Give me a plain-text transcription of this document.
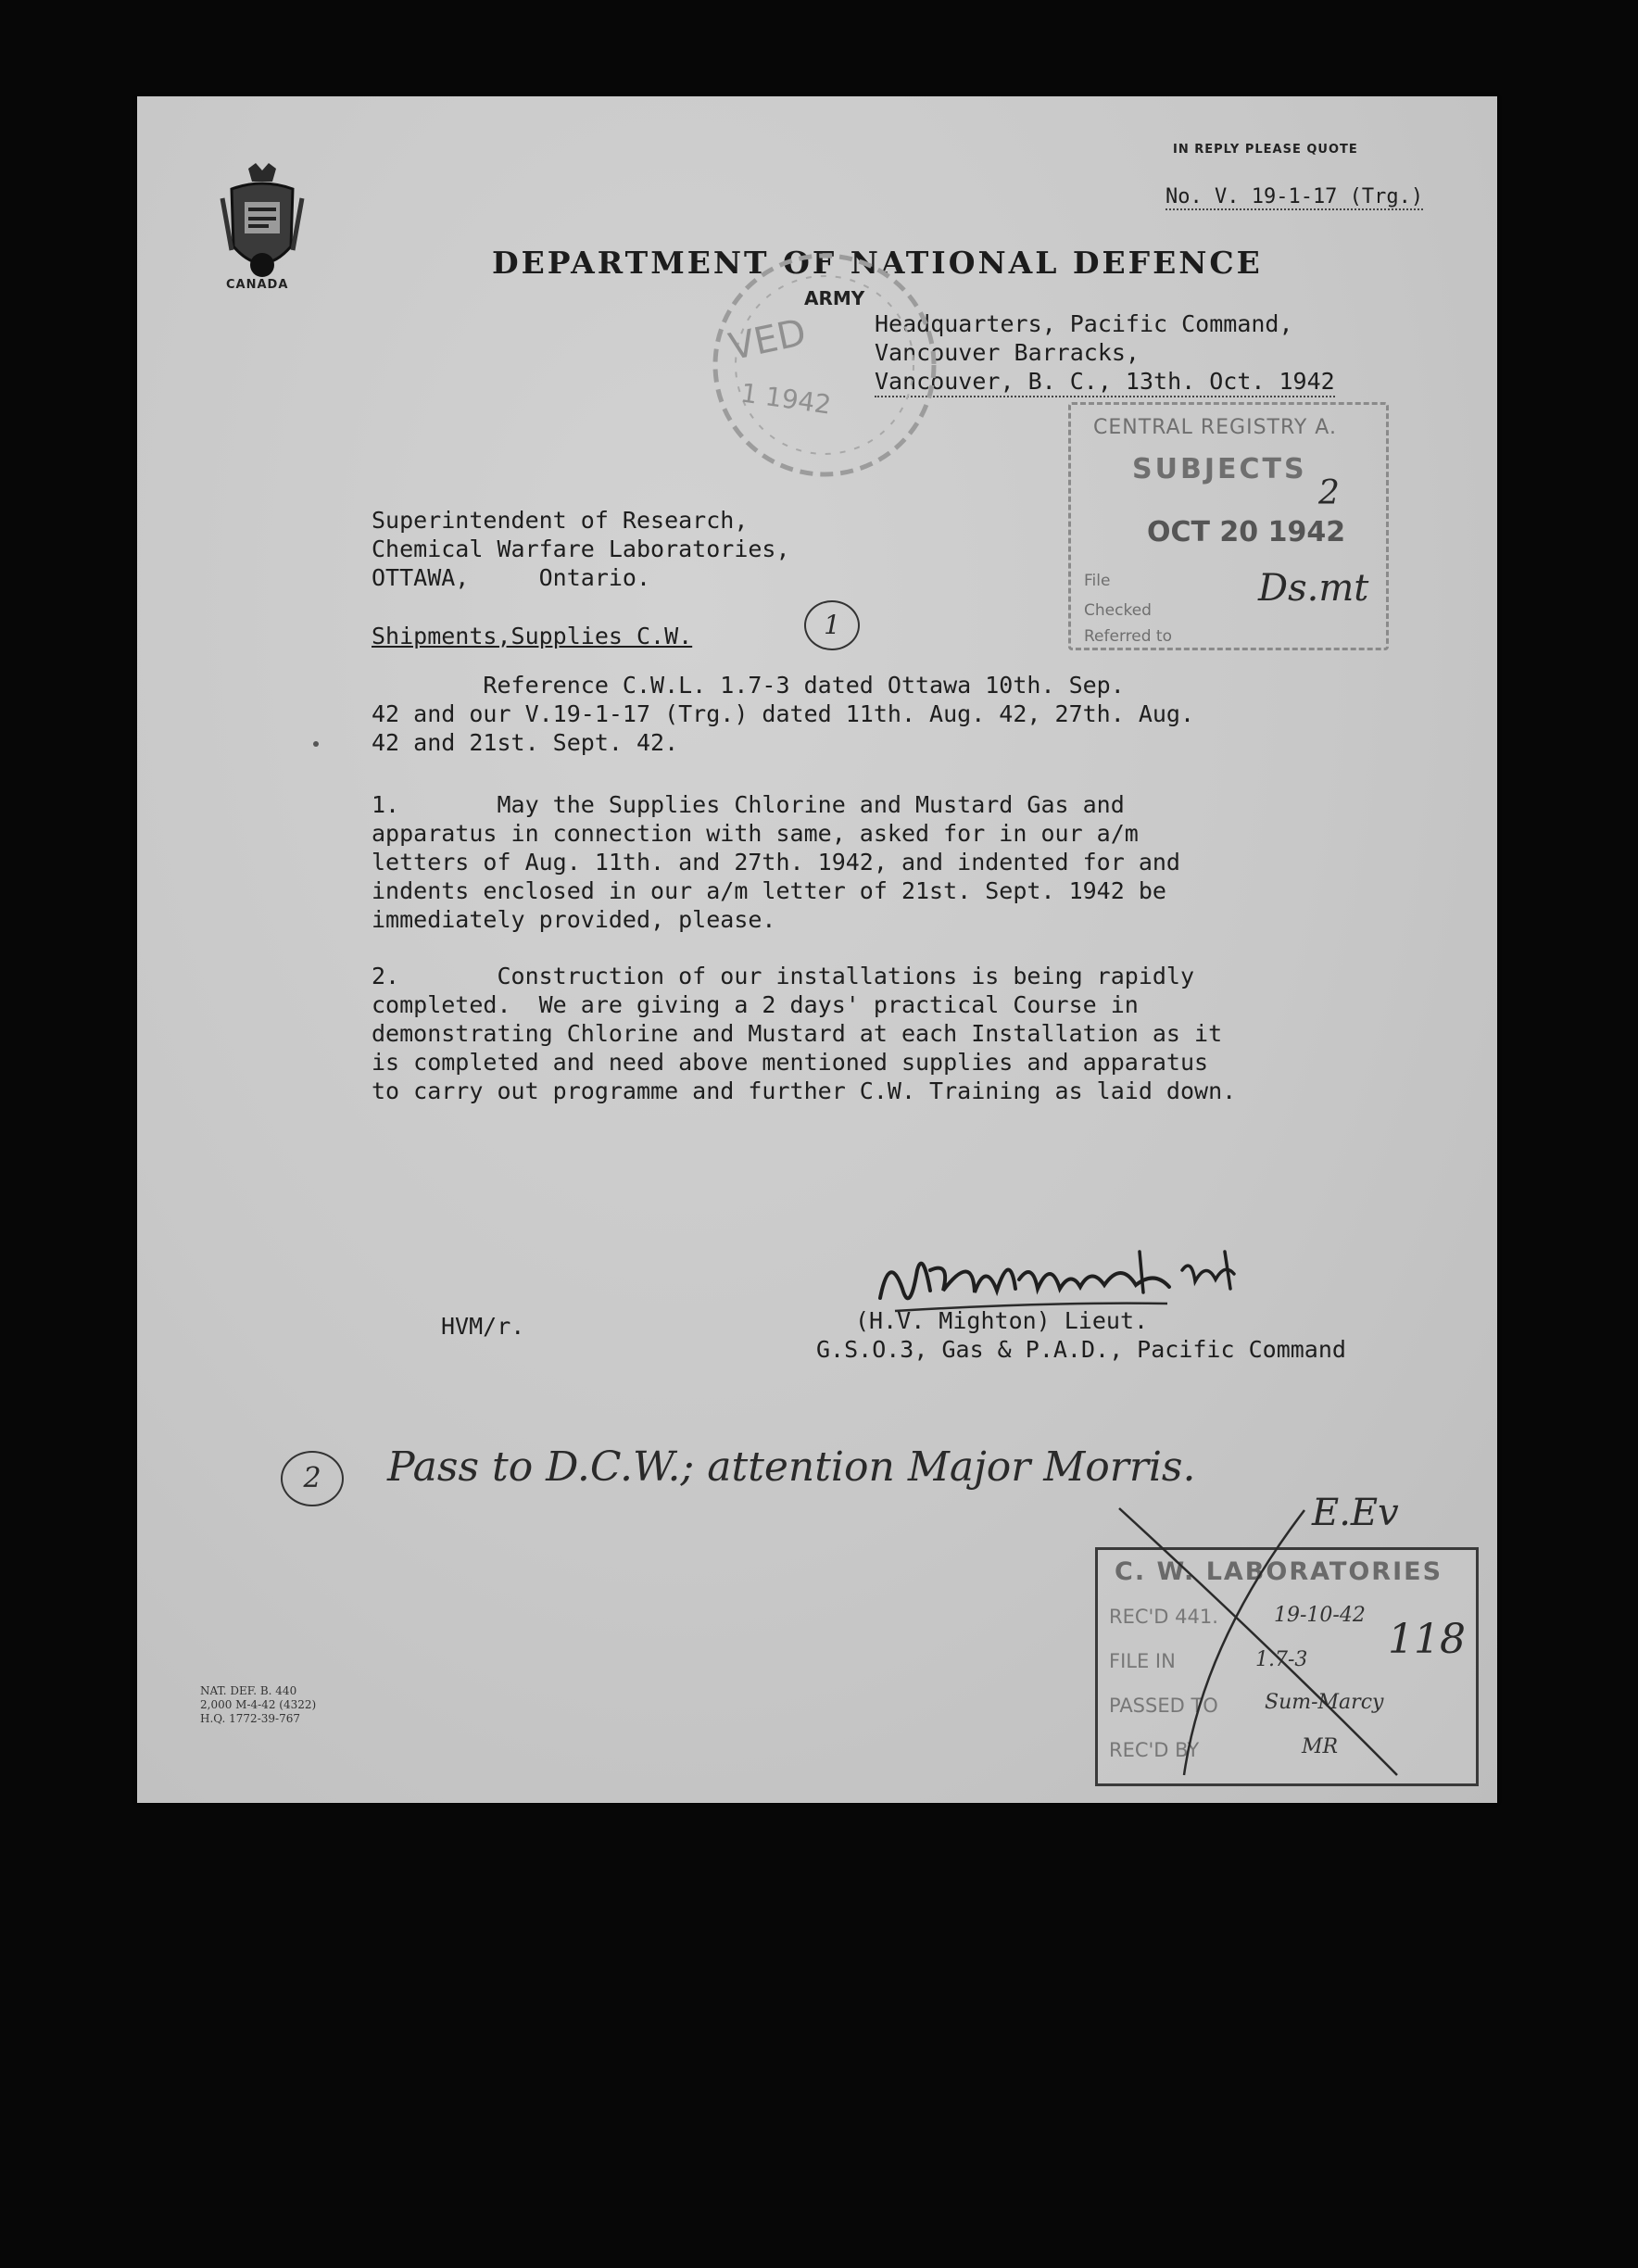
CANADA
IN REPLY PLEASE QUOTE
No. V. 19-1-17 (Trg.)
DEPARTMENT OF NATIONAL DEFENCE
ARMY
Headquarters, Pacific Command,
Vancouver Barracks,
Vancouver, B. C., 13th. Oct. 1942
VED
1 1942
CENTRAL REGISTRY A.
SUBJECTS
OCT 20 1942
File
Checked
Referred to
2
Ds.mt
Superintendent of Research,
Chemical Warfare Laboratories,
OTTAWA,     Ontario.
Shipments,Supplies C.W.	1
Reference C.W.L. 1.7-3 dated Ottawa 10th. Sep.
42 and our V.19-1-17 (Trg.) dated 11th. Aug. 42, 27th. Aug.
42 and 21st. Sept. 42.
1.       May the Supplies Chlorine and Mustard Gas and
apparatus in connection with same, asked for in our a/m
letters of Aug. 11th. and 27th. 1942, and indented for and
indents enclosed in our a/m letter of 21st. Sept. 1942 be
immediately provided, please.
2.       Construction of our installations is being rapidly
completed.  We are giving a 2 days' practical Course in
demonstrating Chlorine and Mustard at each Installation as it
is completed and need above mentioned supplies and apparatus
to carry out programme and further C.W. Training as laid down.
(H.V. Mighton) Lieut.
G.S.O.3, Gas & P.A.D., Pacific Command
HVM/r.
2	Pass to D.C.W.; attention Major Morris.
E.Ev
C. W. LABORATORIES
REC'D 441.	19-10-42
FILE IN	1.7-3
PASSED TO Sum-Marcy
REC'D BY	MR
118
NAT. DEF. B. 440
2,000 M-4-42 (4322)
H.Q. 1772-39-767
